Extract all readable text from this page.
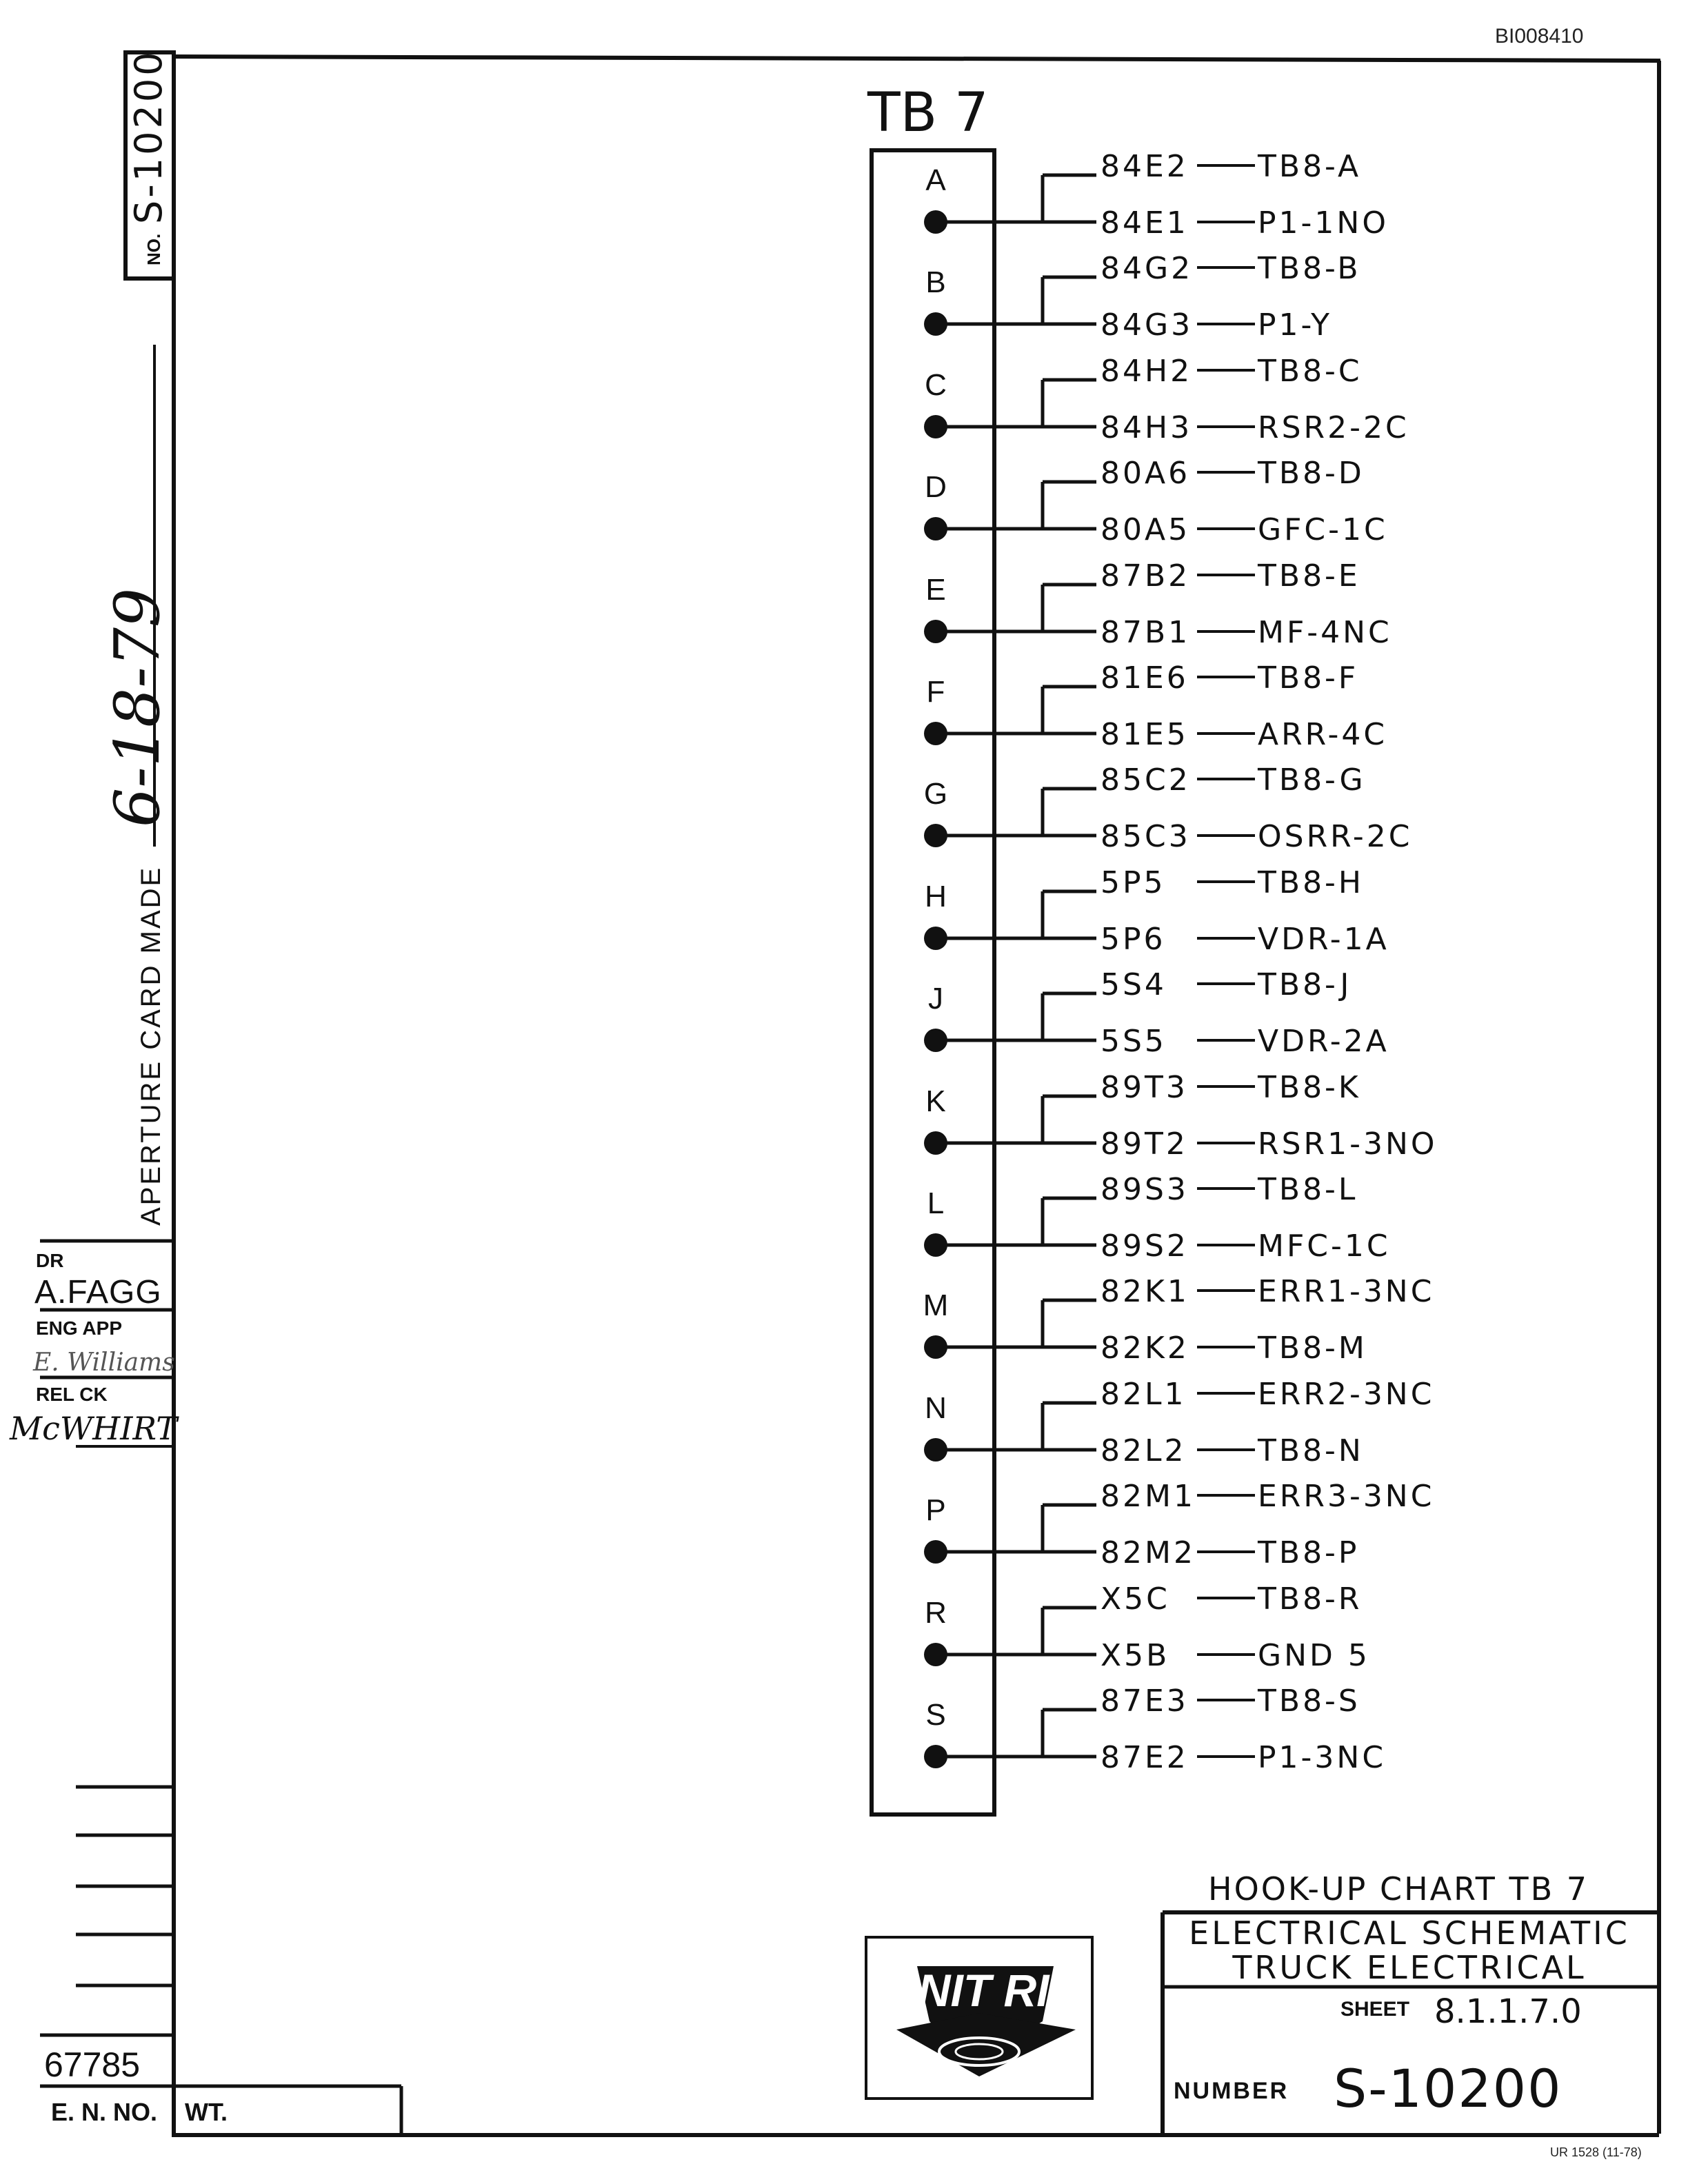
BI008410
NO.
S-10200
APERTURE CARD MADE
6-18-79
DR
A.FAGG
ENG APP
E. Williams
REL CK
McWHIRT
67785
E. N. NO. WT.
TB 7
A	84E2 TB8-A
84E1 P1-1NO
B	84G2 TB8-B
84G3 P1-Y
C	84H2 TB8-C
84H3 RSR2-2C
D	80A6 TB8-D
80A5 GFC-1C
E	87B2 TB8-E
87B1 MF-4NC
F	81E6 TB8-F
81E5 ARR-4C
G	85C2 TB8-G
85C3 OSRR-2C
H	5P5	TB8-H
5P6	VDR-1A
J	5S4	TB8-J
5S5	VDR-2A
K	89T3 TB8-K
89T2 RSR1-3NO
L	89S3 TB8-L
89S2 MFC-1C
M	82K1 ERR1-3NC
82K2 TB8-M
N	82L1 ERR2-3NC
82L2 TB8-N
P	82M1 ERR3-3NC
82M2 TB8-P
R	X5C	TB8-R
X5B	GND 5
S	87E3 TB8-S
87E2 P1-3NC
UNIT RIG
HOOK-UP CHART TB 7
ELECTRICAL SCHEMATIC
TRUCK ELECTRICAL
SHEET 8.1.1.7.0
NUMBER S-10200
UR 1528 (11-78)
